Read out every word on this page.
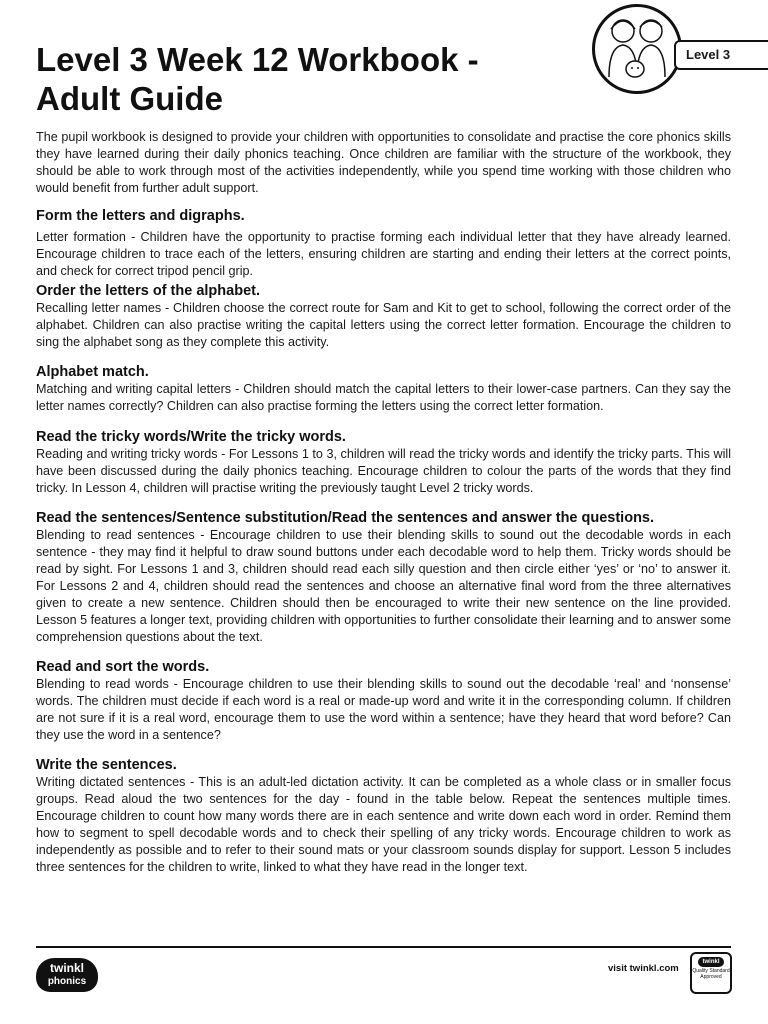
Level 3 Week 12 Workbook -
Adult Guide
Level 3

The pupil workbook is designed to provide your children with opportunities to consolidate and practise the core phonics skills they have learned during their daily phonics teaching. Once children are familiar with the structure of the workbook, they should be able to work through most of the activities independently, while you spend time working with those children who would benefit from further adult support.

Form the letters and digraphs.

Letter formation - Children have the opportunity to practise forming each individual letter that they have already learned. Encourage children to trace each of the letters, ensuring children are starting and ending their letters at the correct points, and check for correct tripod pencil grip.

Order the letters of the alphabet.

Recalling letter names - Children choose the correct route for Sam and Kit to get to school, following the correct order of the alphabet. Children can also practise writing the capital letters using the correct letter formation. Encourage the children to sing the alphabet song as they complete this activity.

Alphabet match.

Matching and writing capital letters - Children should match the capital letters to their lower-case partners. Can they say the letter names correctly? Children can also practise forming the letters using the correct letter formation.

Read the tricky words/Write the tricky words.

Reading and writing tricky words - For Lessons 1 to 3, children will read the tricky words and identify the tricky parts. This will have been discussed during the daily phonics teaching. Encourage children to colour the parts of the words that they find tricky. In Lesson 4, children will practise writing the previously taught Level 2 tricky words.

Read the sentences/Sentence substitution/Read the sentences and answer the questions.

Blending to read sentences - Encourage children to use their blending skills to sound out the decodable words in each sentence - they may find it helpful to draw sound buttons under each decodable word to help them. Tricky words should be read by sight. For Lessons 1 and 3, children should read each silly question and then circle either ‘yes’ or ‘no’ to answer it. For Lessons 2 and 4, children should read the sentences and choose an alternative final word from the three alternatives given to create a new sentence. Children should then be encouraged to write their new sentence on the line provided. Lesson 5 features a longer text, providing children with opportunities to further consolidate their learning and to answer some comprehension questions about the text.

Read and sort the words.

Blending to read words - Encourage children to use their blending skills to sound out the decodable ‘real’ and ‘nonsense’ words. The children must decide if each word is a real or made-up word and write it in the corresponding column. If children are not sure if it is a real word, encourage them to use the word within a sentence; have they heard that word before? Can they use the word in a sentence?

Write the sentences.

Writing dictated sentences - This is an adult-led dictation activity. It can be completed as a whole class or in smaller focus groups. Read aloud the two sentences for the day - found in the table below. Repeat the sentences multiple times. Encourage children to count how many words there are in each sentence and write down each word in order. Remind them how to segment to spell decodable words and to check their spelling of any tricky words. Encourage children to work as independently as possible and to refer to their sound mats or your classroom sounds display for support. Lesson 5 includes three sentences for the children to write, linked to what they have read in the longer text.

twinkl
phonics
visit twinkl.com
twinkl
Quality Standard Approved
